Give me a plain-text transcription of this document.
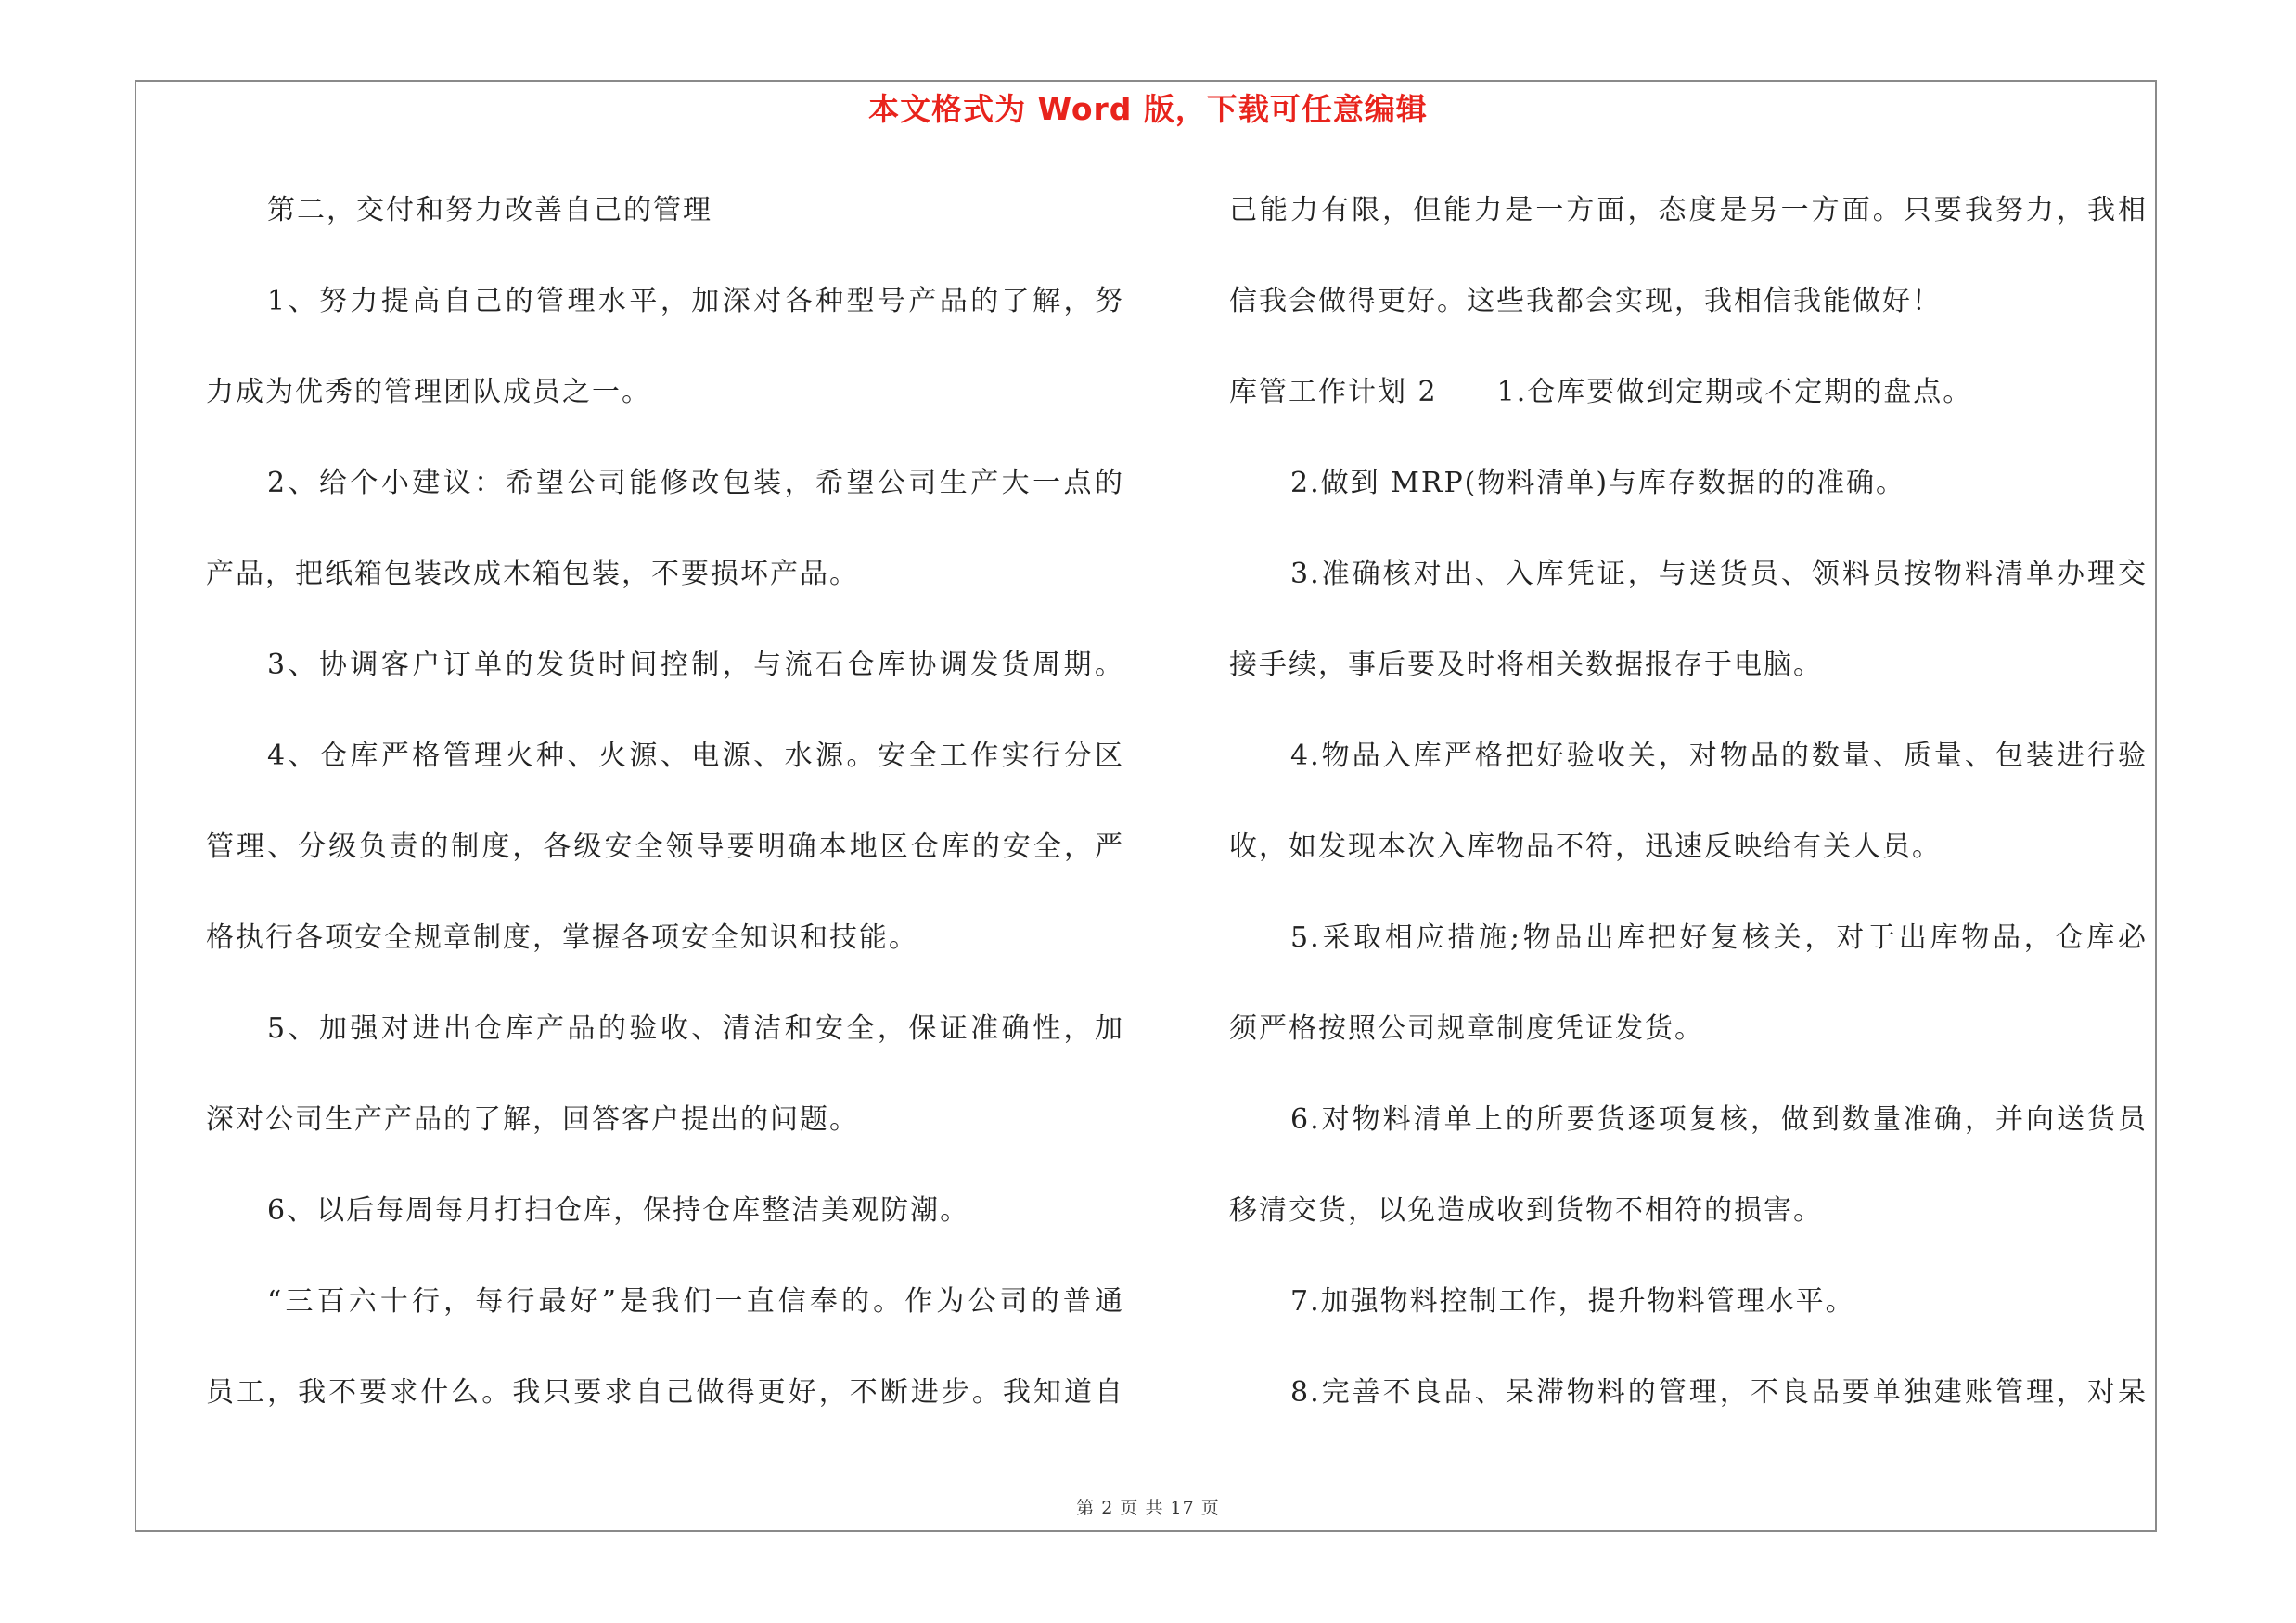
本文格式为 Word 版，下载可任意编辑
第二，交付和努力改善自己的管理
1、努力提高自己的管理水平，加深对各种型号产品的了解，努
力成为优秀的管理团队成员之一。
2、给个小建议：希望公司能修改包装，希望公司生产大一点的
产品，把纸箱包装改成木箱包装，不要损坏产品。
3、协调客户订单的发货时间控制，与流石仓库协调发货周期。
4、仓库严格管理火种、火源、电源、水源。安全工作实行分区
管理、分级负责的制度，各级安全领导要明确本地区仓库的安全，严
格执行各项安全规章制度，掌握各项安全知识和技能。
5、加强对进出仓库产品的验收、清洁和安全，保证准确性，加
深对公司生产产品的了解，回答客户提出的问题。
6、以后每周每月打扫仓库，保持仓库整洁美观防潮。
“三百六十行，每行最好”是我们一直信奉的。作为公司的普通
员工，我不要求什么。我只要求自己做得更好，不断进步。我知道自
己能力有限，但能力是一方面，态度是另一方面。只要我努力，我相
信我会做得更好。这些我都会实现，我相信我能做好！
库管工作计划 2　　1.仓库要做到定期或不定期的盘点。
2.做到 MRP(物料清单)与库存数据的的准确。
3.准确核对出、入库凭证，与送货员、领料员按物料清单办理交
接手续，事后要及时将相关数据报存于电脑。
4.物品入库严格把好验收关，对物品的数量、质量、包装进行验
收，如发现本次入库物品不符，迅速反映给有关人员。
5.采取相应措施;物品出库把好复核关，对于出库物品，仓库必
须严格按照公司规章制度凭证发货。
6.对物料清单上的所要货逐项复核，做到数量准确，并向送货员
移清交货，以免造成收到货物不相符的损害。
7.加强物料控制工作，提升物料管理水平。
8.完善不良品、呆滞物料的管理，不良品要单独建账管理，对呆
第 2 页 共 17 页
